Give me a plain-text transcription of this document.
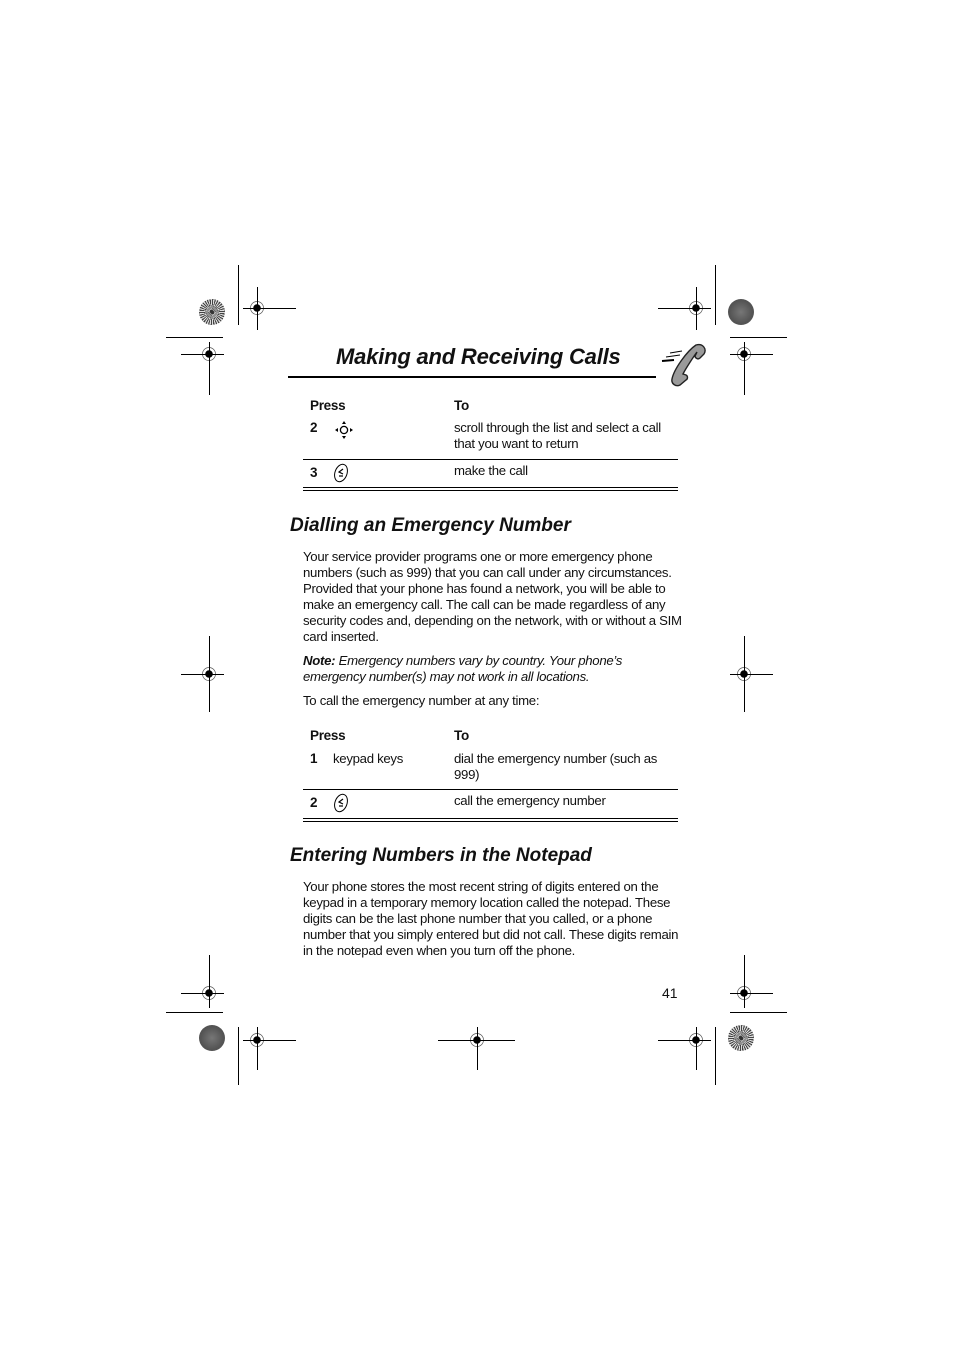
Making and Receiving Calls
Press	To
2	scroll through the list and select a call that you want to return
3	make the call
Dialling an Emergency Number
Your service provider programs one or more emergency phone numbers (such as 999) that you can call under any circumstances. Provided that your phone has found a network, you will be able to make an emergency call. The call can be made regardless of any security codes and, depending on the network, with or without a SIM card inserted.
Note: Emergency numbers vary by country. Your phone’s emergency number(s) may not work in all locations.
To call the emergency number at any time:
Press	To
1 keypad keys	dial the emergency number (such as 999)
2	call the emergency number
Entering Numbers in the Notepad
Your phone stores the most recent string of digits entered on the keypad in a temporary memory location called the notepad. These digits can be the last phone number that you called, or a phone number that you simply entered but did not call. These digits remain in the notepad even when you turn off the phone.
41
